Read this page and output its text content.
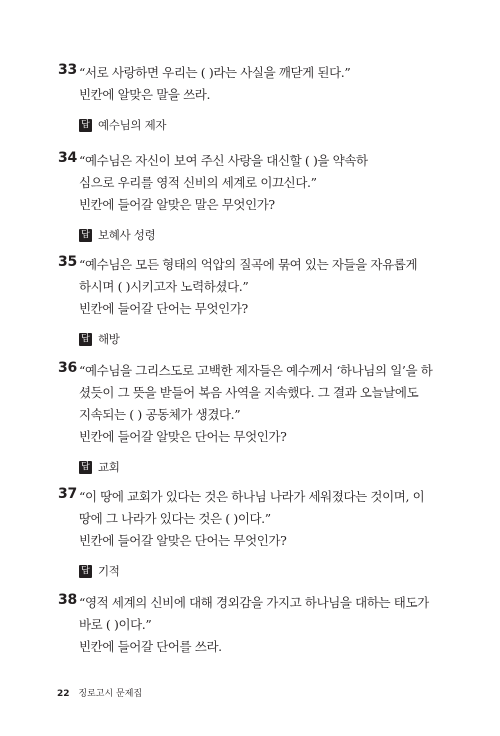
33 “서로 사랑하면 우리는 ( )라는 사실을 깨닫게 된다.”
빈칸에 알맞은 말을 쓰라.
답 예수님의 제자
34 “예수님은 자신이 보여 주신 사랑을 대신할 ( )을 약속하
심으로 우리를 영적 신비의 세계로 이끄신다.”
빈칸에 들어갈 알맞은 말은 무엇인가?
답 보혜사 성령
35 “예수님은 모든 형태의 억압의 질곡에 묶여 있는 자들을 자유롭게
하시며 ( )시키고자 노력하셨다.”
빈칸에 들어갈 단어는 무엇인가?
답 해방
36 “예수님을 그리스도로 고백한 제자들은 예수께서 ‘하나님의 일’을 하
셨듯이 그 뜻을 받들어 복음 사역을 지속했다. 그 결과 오늘날에도
지속되는 ( ) 공동체가 생겼다.”
빈칸에 들어갈 알맞은 단어는 무엇인가?
답 교회
37 “이 땅에 교회가 있다는 것은 하나님 나라가 세워졌다는 것이며, 이
땅에 그 나라가 있다는 것은 ( )이다.”
빈칸에 들어갈 알맞은 단어는 무엇인가?
답 기적
38 “영적 세계의 신비에 대해 경외감을 가지고 하나님을 대하는 태도가
바로 ( )이다.”
빈칸에 들어갈 단어를 쓰라.
22 징로고시 문제집
